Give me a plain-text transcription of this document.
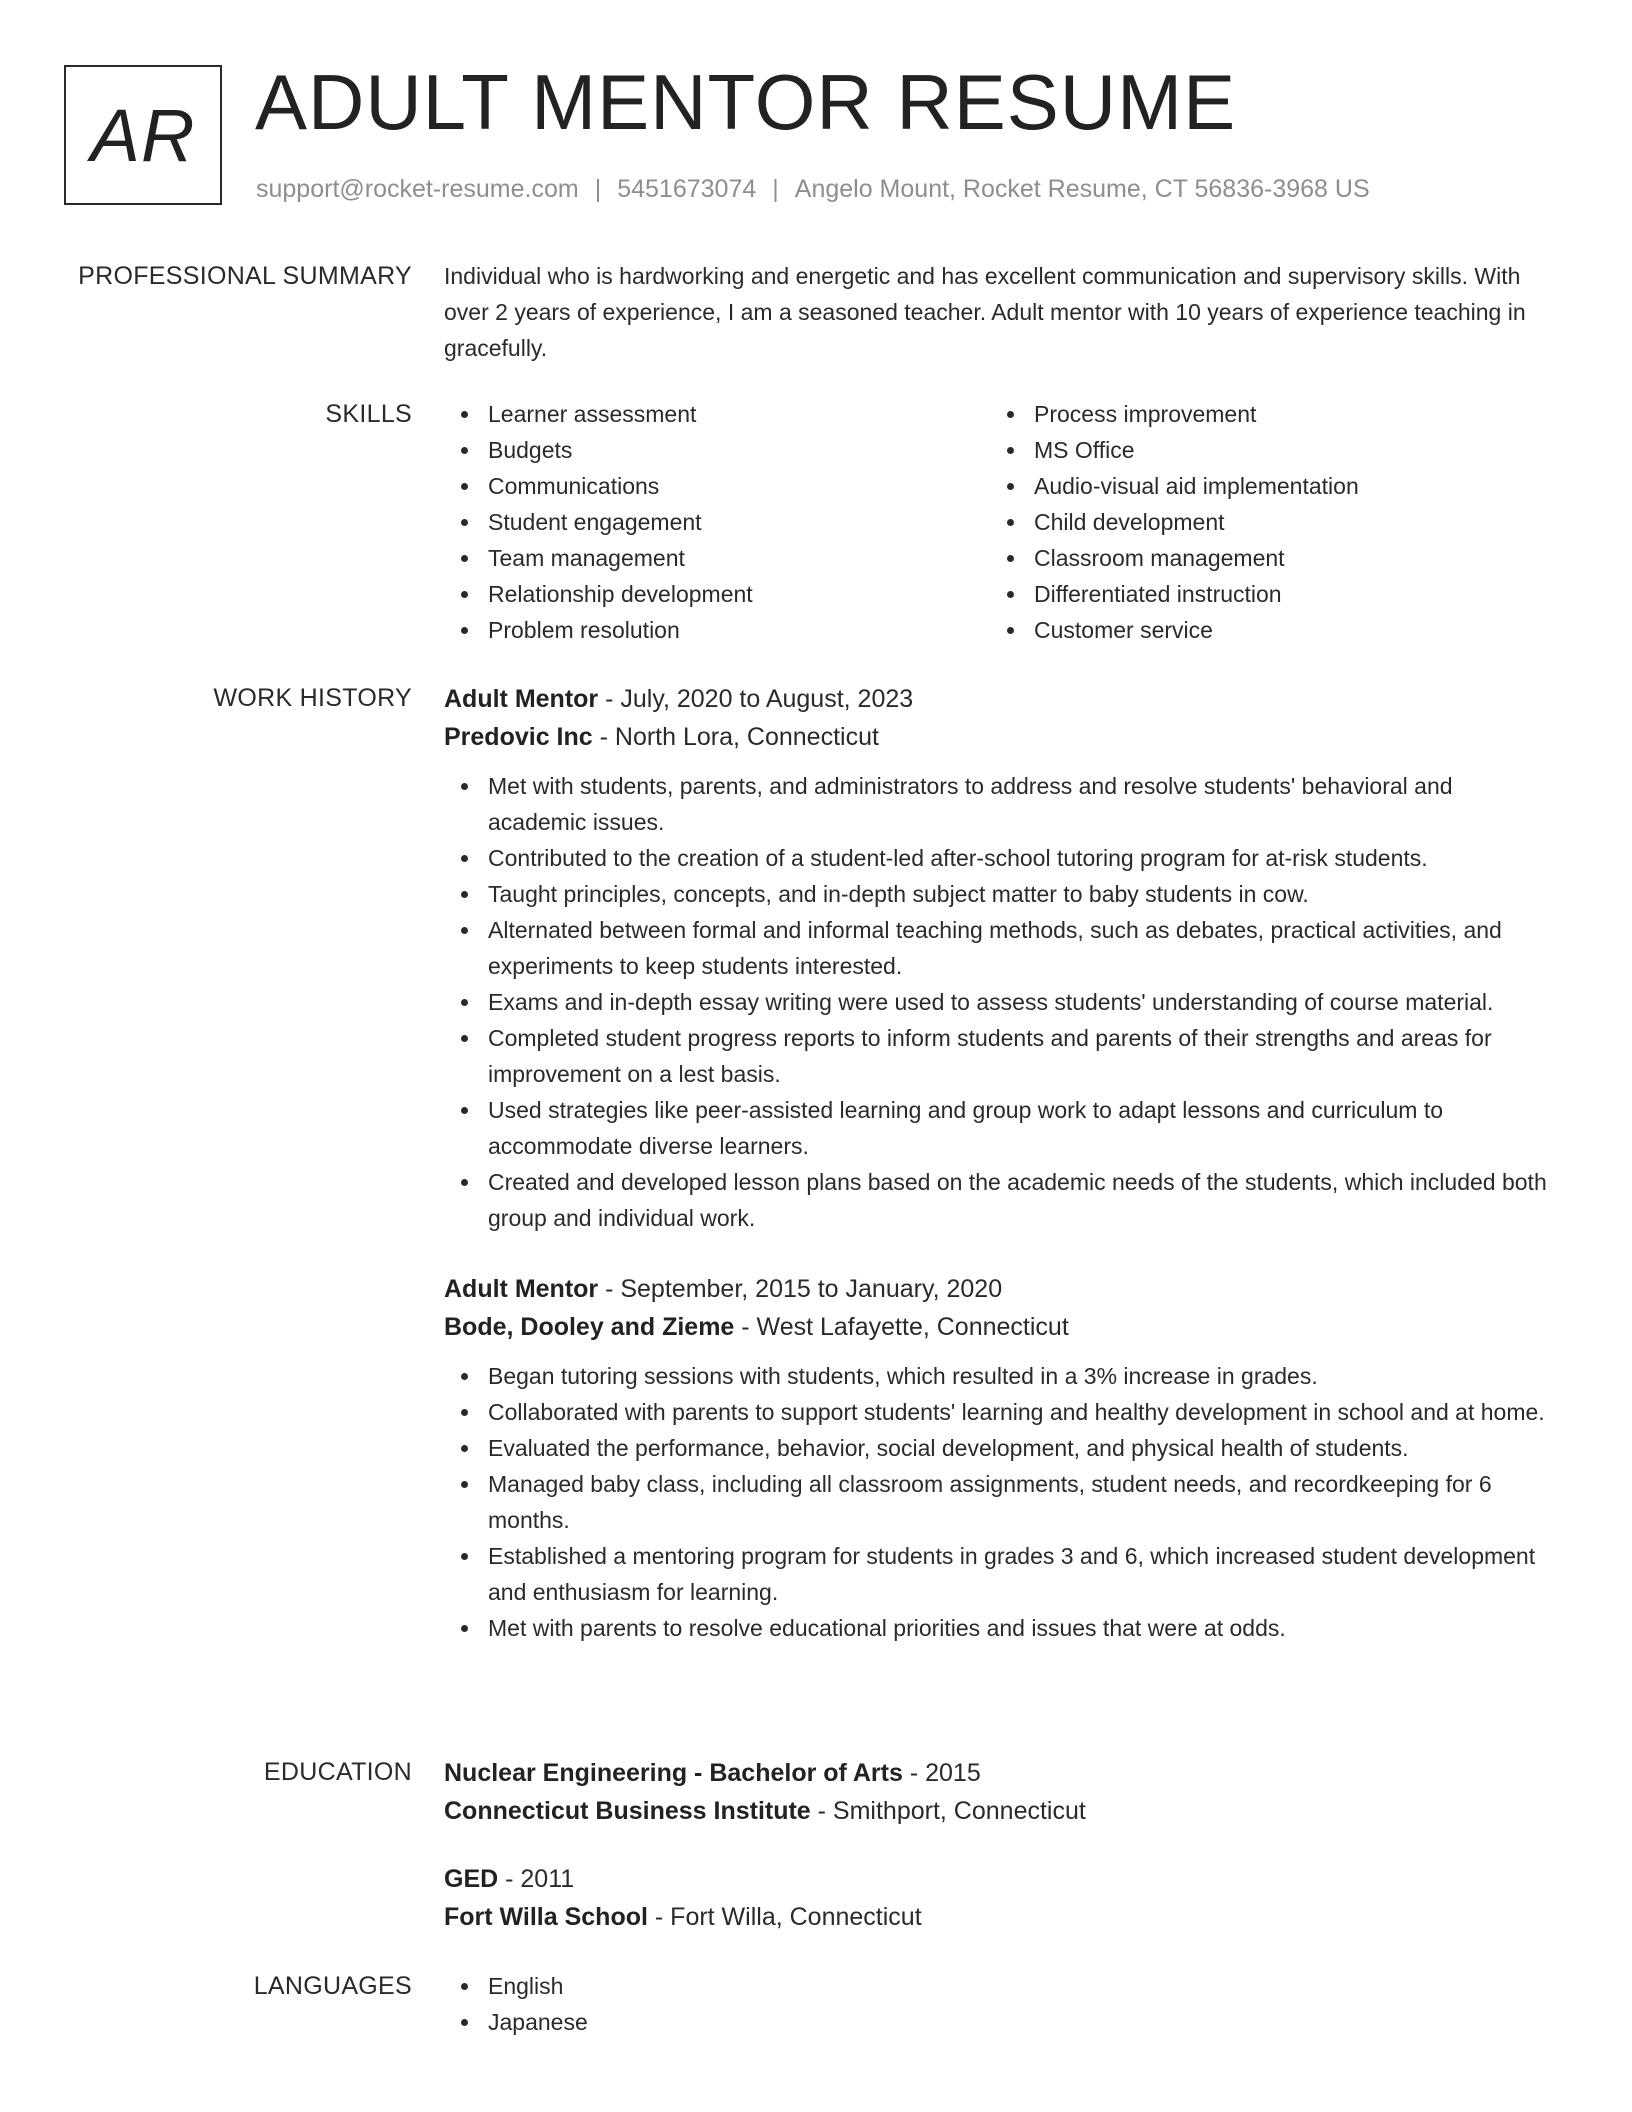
AR ADULT MENTOR RESUME
support@rocket-resume.com | 5451673074 | Angelo Mount, Rocket Resume, CT 56836-3968 US
PROFESSIONAL SUMMARY Individual who is hardworking and energetic and has excellent communication and supervisory skills. With over 2 years of experience, I am a seasoned teacher. Adult mentor with 10 years of experience teaching in gracefully.

SKILLS	Learner assessment
Budgets
Communications
Student engagement
Team management
Relationship development
Problem resolution
Process improvement
MS Office
Audio-visual aid implementation
Child development
Classroom management
Differentiated instruction
Customer service
WORK HISTORY Adult Mentor - July, 2020 to August, 2023
Predovic Inc - North Lora, Connecticut
Met with students, parents, and administrators to address and resolve students' behavioral and academic issues.
Contributed to the creation of a student-led after-school tutoring program for at-risk students.
Taught principles, concepts, and in-depth subject matter to baby students in cow.
Alternated between formal and informal teaching methods, such as debates, practical activities, and experiments to keep students interested.
Exams and in-depth essay writing were used to assess students' understanding of course material.
Completed student progress reports to inform students and parents of their strengths and areas for improvement on a lest basis.
Used strategies like peer-assisted learning and group work to adapt lessons and curriculum to accommodate diverse learners.
Created and developed lesson plans based on the academic needs of the students, which included both group and individual work.
Adult Mentor - September, 2015 to January, 2020
Bode, Dooley and Zieme - West Lafayette, Connecticut
Began tutoring sessions with students, which resulted in a 3% increase in grades.
Collaborated with parents to support students' learning and healthy development in school and at home.
Evaluated the performance, behavior, social development, and physical health of students.
Managed baby class, including all classroom assignments, student needs, and recordkeeping for 6 months.
Established a mentoring program for students in grades 3 and 6, which increased student development and enthusiasm for learning.
Met with parents to resolve educational priorities and issues that were at odds.
EDUCATION Nuclear Engineering - Bachelor of Arts - 2015
Connecticut Business Institute - Smithport, Connecticut
GED - 2011
Fort Willa School - Fort Willa, Connecticut
LANGUAGES	English
Japanese
